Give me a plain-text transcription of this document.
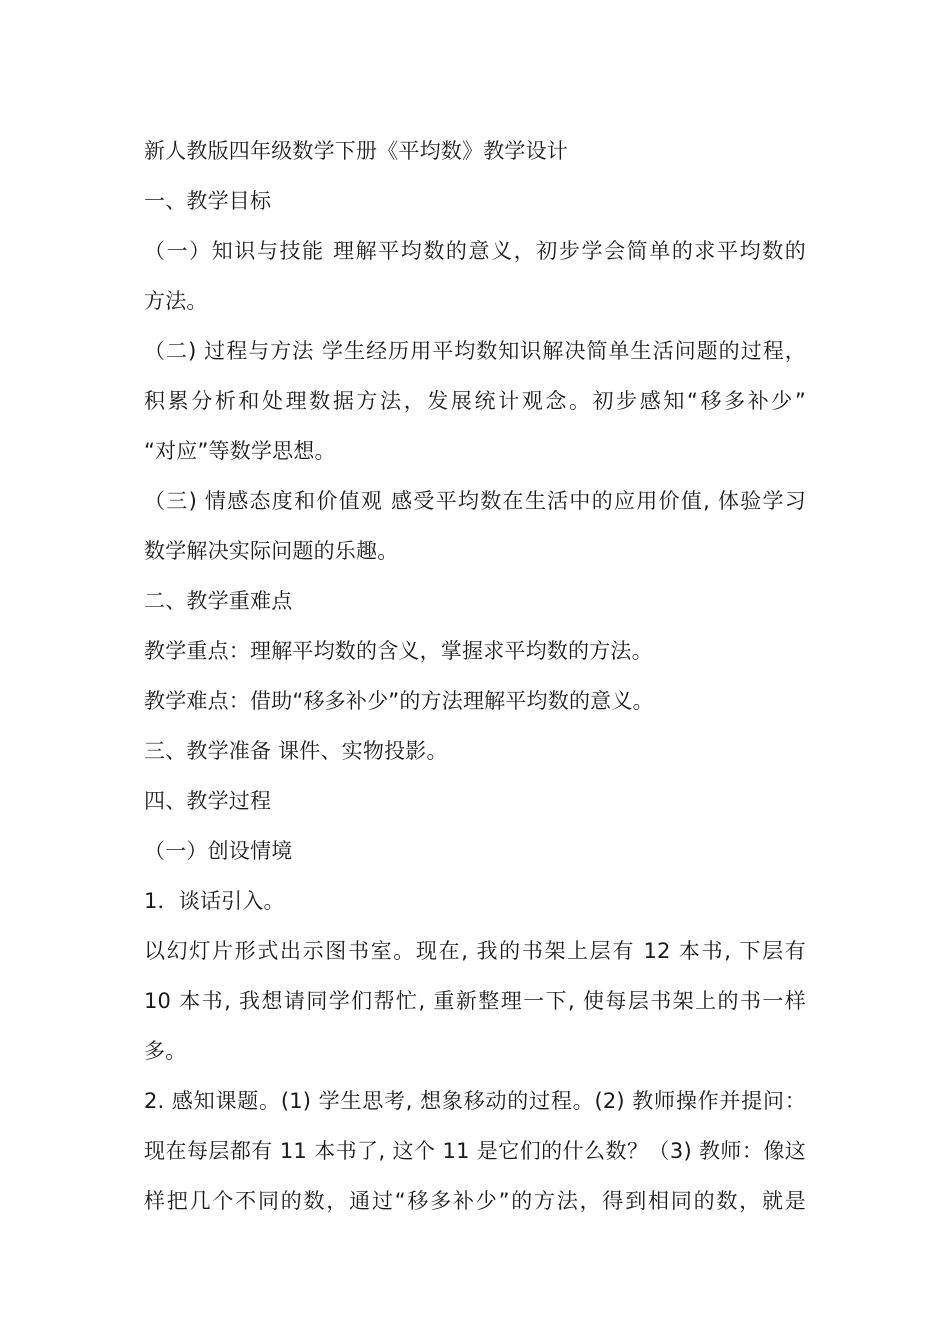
新人教版四年级数学下册《平均数》教学设计
一、教学目标
（一）知识与技能 理解平均数的意义，初步学会简单的求平均数的
方法。
（二) 过程与方法 学生经历用平均数知识解决简单生活问题的过程，
积累分析和处理数据方法，发展统计观念。初步感知“移多补少”
“对应”等数学思想。
（三) 情感态度和价值观 感受平均数在生活中的应用价值, 体验学习
数学解决实际问题的乐趣。
二、教学重难点
教学重点：理解平均数的含义，掌握求平均数的方法。
教学难点：借助“移多补少”的方法理解平均数的意义。
三、教学准备 课件、实物投影。
四、教学过程
（一）创设情境
1．谈话引入。
以幻灯片形式出示图书室。现在, 我的书架上层有 12 本书, 下层有
10 本书, 我想请同学们帮忙, 重新整理一下, 使每层书架上的书一样
多。
2. 感知课题。(1) 学生思考, 想象移动的过程。(2) 教师操作并提问：
现在每层都有 11 本书了, 这个 11 是它们的什么数？（3) 教师：像这
样把几个不同的数，通过“移多补少”的方法，得到相同的数，就是
